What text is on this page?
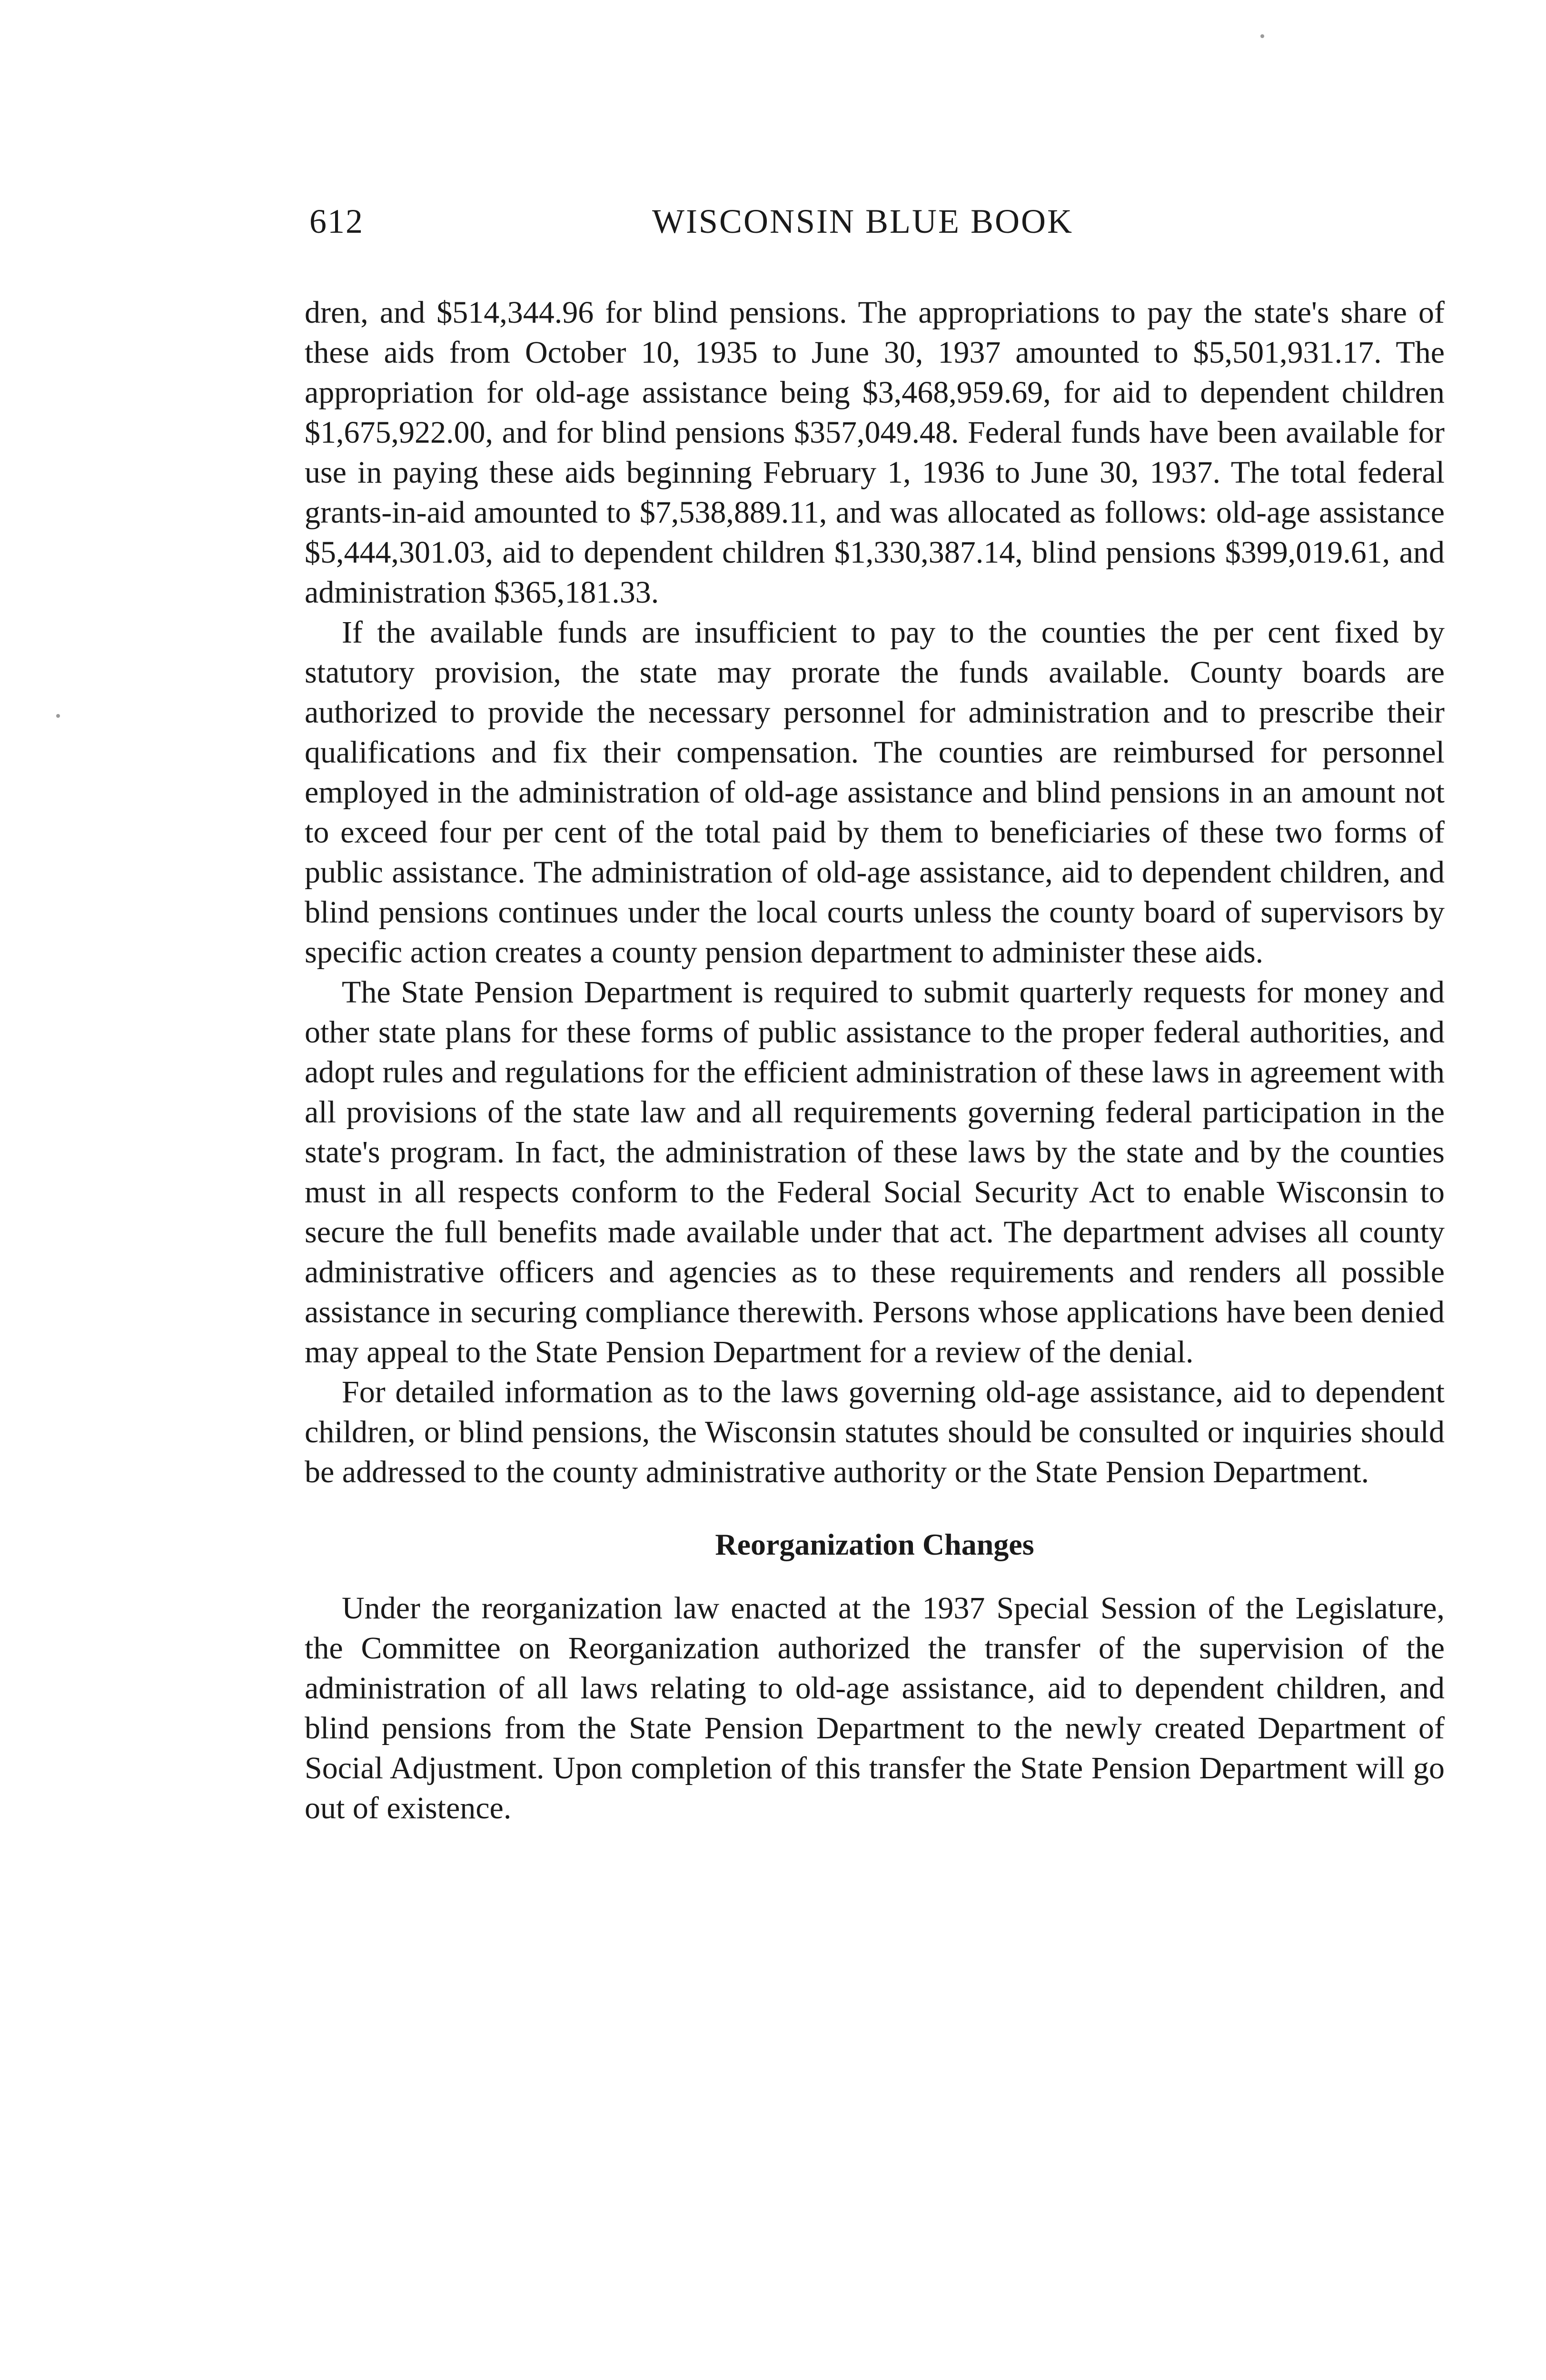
612	WISCONSIN BLUE BOOK

dren, and $514,344.96 for blind pensions. The appropriations to pay the state's share of these aids from October 10, 1935 to June 30, 1937 amounted to $5,501,931.17. The appropriation for old-age assistance being $3,468,959.69, for aid to dependent children $1,675,922.00, and for blind pensions $357,049.48. Federal funds have been available for use in paying these aids beginning February 1, 1936 to June 30, 1937. The total federal grants-in-aid amounted to $7,538,889.11, and was allocated as follows: old-age assistance $5,444,301.03, aid to dependent children $1,330,387.14, blind pensions $399,019.61, and administration $365,181.33.

If the available funds are insufficient to pay to the counties the per cent fixed by statutory provision, the state may prorate the funds available. County boards are authorized to provide the necessary personnel for administration and to prescribe their qualifications and fix their compensation. The counties are reimbursed for personnel employed in the administration of old-age assistance and blind pensions in an amount not to exceed four per cent of the total paid by them to beneficiaries of these two forms of public assistance. The administration of old-age assistance, aid to dependent children, and blind pensions continues under the local courts unless the county board of supervisors by specific action creates a county pension department to administer these aids.

The State Pension Department is required to submit quarterly requests for money and other state plans for these forms of public assistance to the proper federal authorities, and adopt rules and regulations for the efficient administration of these laws in agreement with all provisions of the state law and all requirements governing federal participation in the state's program. In fact, the administration of these laws by the state and by the counties must in all respects conform to the Federal Social Security Act to enable Wisconsin to secure the full benefits made available under that act. The department advises all county administrative officers and agencies as to these requirements and renders all possible assistance in securing compliance therewith. Persons whose applications have been denied may appeal to the State Pension Department for a review of the denial.

For detailed information as to the laws governing old-age assistance, aid to dependent children, or blind pensions, the Wisconsin statutes should be consulted or inquiries should be addressed to the county administrative authority or the State Pension Department.

Reorganization Changes

Under the reorganization law enacted at the 1937 Special Session of the Legislature, the Committee on Reorganization authorized the transfer of the supervision of the administration of all laws relating to old-age assistance, aid to dependent children, and blind pensions from the State Pension Department to the newly created Department of Social Adjustment. Upon completion of this transfer the State Pension Department will go out of existence.
